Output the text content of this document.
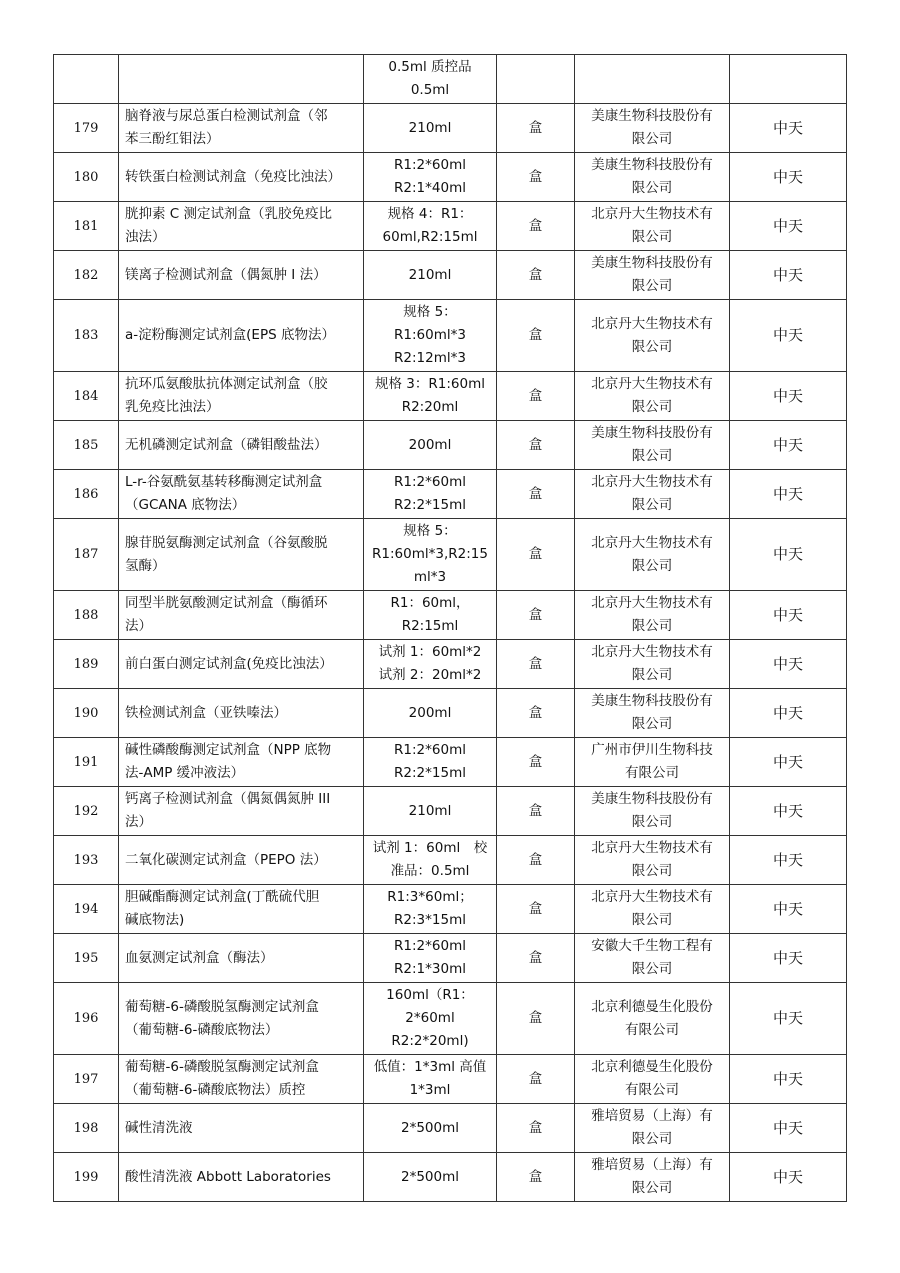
		0.5ml 质控品
0.5ml			

179	脑脊液与尿总蛋白检测试剂盒（邻
苯三酚红钼法）	210ml	盒	美康生物科技股份有
限公司	中天
180	转铁蛋白检测试剂盒（免疫比浊法）	R1:2*60ml
R2:1*40ml	盒	美康生物科技股份有
限公司	中天
181	胱抑素 C 测定试剂盒（乳胶免疫比
浊法）	规格 4：R1：
60ml,R2:15ml	盒	北京丹大生物技术有
限公司	中天
182	镁离子检测试剂盒（偶氮肿 I 法）	210ml	盒	美康生物科技股份有
限公司	中天
183	a-淀粉酶测定试剂盒(EPS 底物法）	规格 5：
R1:60ml*3
R2:12ml*3	盒	北京丹大生物技术有
限公司	中天
184	抗环瓜氨酸肽抗体测定试剂盒（胶
乳免疫比浊法）	规格 3：R1:60ml
R2:20ml	盒	北京丹大生物技术有
限公司	中天
185	无机磷测定试剂盒（磷钼酸盐法）	200ml	盒	美康生物科技股份有
限公司	中天
186	L-r-谷氨酰氨基转移酶测定试剂盒
（GCANA 底物法）	R1:2*60ml
R2:2*15ml	盒	北京丹大生物技术有
限公司	中天
187	腺苷脱氨酶测定试剂盒（谷氨酸脱
氢酶）	规格 5：
R1:60ml*3,R2:15
ml*3	盒	北京丹大生物技术有
限公司	中天
188	同型半胱氨酸测定试剂盒（酶循环
法）	R1：60ml，
R2:15ml	盒	北京丹大生物技术有
限公司	中天
189	前白蛋白测定试剂盒(免疫比浊法）	试剂 1：60ml*2
试剂 2：20ml*2	盒	北京丹大生物技术有
限公司	中天
190	铁检测试剂盒（亚铁嗪法）	200ml	盒	美康生物科技股份有
限公司	中天
191	碱性磷酸酶测定试剂盒（NPP 底物
法-AMP 缓冲液法）	R1:2*60ml
R2:2*15ml	盒	广州市伊川生物科技
有限公司	中天
192	钙离子检测试剂盒（偶氮偶氮肿 III
法）	210ml	盒	美康生物科技股份有
限公司	中天
193	二氧化碳测定试剂盒（PEPO 法）	试剂 1：60ml　校
准品：0.5ml	盒	北京丹大生物技术有
限公司	中天
194	胆碱酯酶测定试剂盒(丁酰硫代胆
碱底物法)	R1:3*60ml；
R2:3*15ml	盒	北京丹大生物技术有
限公司	中天
195	血氨测定试剂盒（酶法）	R1:2*60ml
R2:1*30ml	盒	安徽大千生物工程有
限公司	中天
196	葡萄糖-6-磷酸脱氢酶测定试剂盒
（葡萄糖-6-磷酸底物法）	160ml（R1：
2*60ml
R2:2*20ml)	盒	北京利德曼生化股份
有限公司	中天
197	葡萄糖-6-磷酸脱氢酶测定试剂盒
（葡萄糖-6-磷酸底物法）质控	低值：1*3ml 高值
1*3ml	盒	北京利德曼生化股份
有限公司	中天
198	碱性清洗液	2*500ml	盒	雅培贸易（上海）有
限公司	中天
199	酸性清洗液 Abbott Laboratories	2*500ml	盒	雅培贸易（上海）有
限公司	中天
